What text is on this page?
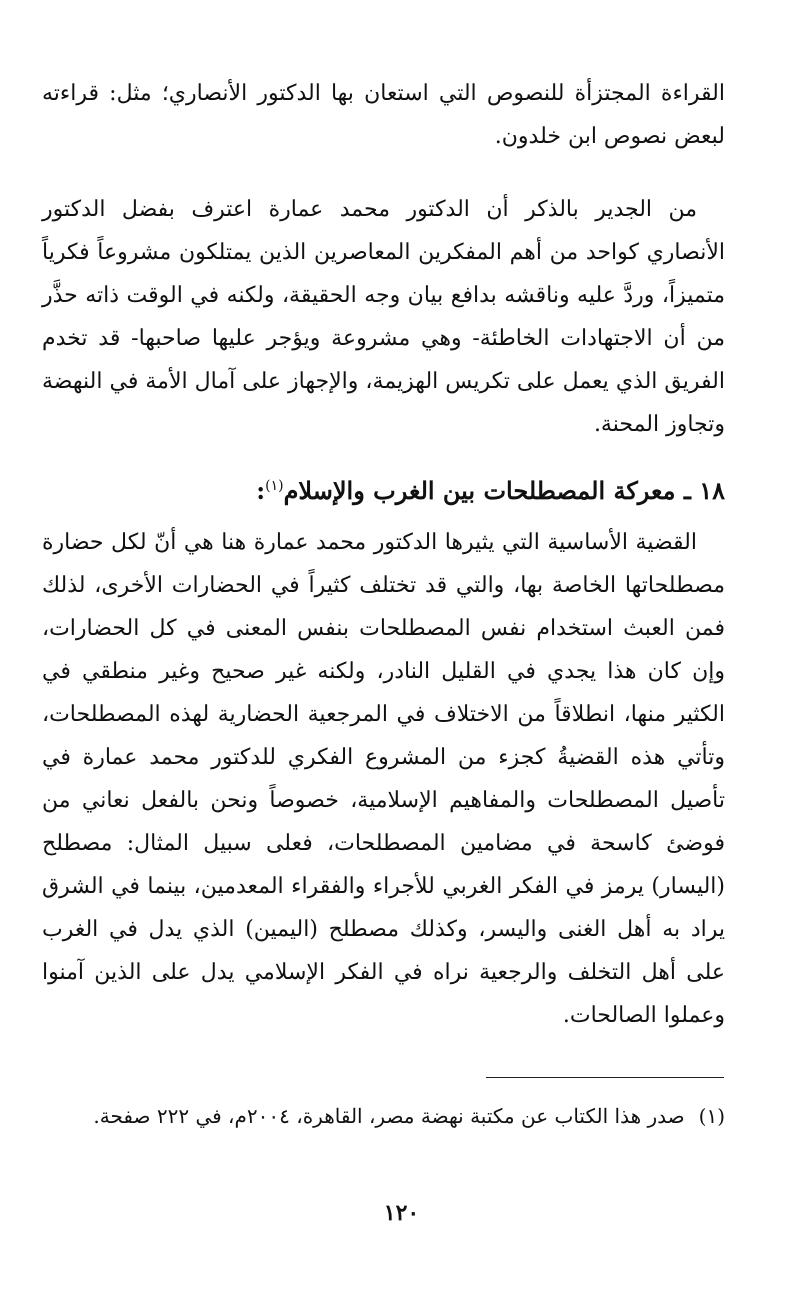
القراءة المجتزأة للنصوص التي استعان بها الدكتور الأنصاري؛ مثل: قراءته لبعض نصوص ابن خلدون.

من الجدير بالذكر أن الدكتور محمد عمارة اعترف بفضل الدكتور الأنصاري كواحد من أهم المفكرين المعاصرين الذين يمتلكون مشروعاً فكرياً متميزاً، وردَّ عليه وناقشه بدافع بيان وجه الحقيقة، ولكنه في الوقت ذاته حذَّر من أن الاجتهادات الخاطئة- وهي مشروعة ويؤجر عليها صاحبها- قد تخدم الفريق الذي يعمل على تكريس الهزيمة، والإجهاز على آمال الأمة في النهضة وتجاوز المحنة.

١٨ ـ معركة المصطلحات بين الغرب والإسلام$^{(١)}$:

القضية الأساسية التي يثيرها الدكتور محمد عمارة هنا هي أنّ لكل حضارة مصطلحاتها الخاصة بها، والتي قد تختلف كثيراً في الحضارات الأخرى، لذلك فمن العبث استخدام نفس المصطلحات بنفس المعنى في كل الحضارات، وإن كان هذا يجدي في القليل النادر، ولكنه غير صحيح وغير منطقي في الكثير منها، انطلاقاً من الاختلاف في المرجعية الحضارية لهذه المصطلحات، وتأتي هذه القضيةُ كجزء من المشروع الفكري للدكتور محمد عمارة في تأصيل المصطلحات والمفاهيم الإسلامية، خصوصاً ونحن بالفعل نعاني من فوضئ كاسحة في مضامين المصطلحات، فعلى سبيل المثال: مصطلح (اليسار) يرمز في الفكر الغربي للأجراء والفقراء المعدمين، بينما في الشرق يراد به أهل الغنى واليسر، وكذلك مصطلح (اليمين) الذي يدل في الغرب على أهل التخلف والرجعية نراه في الفكر الإسلامي يدل على الذين آمنوا وعملوا الصالحات.

(١)صدر هذا الكتاب عن مكتبة نهضة مصر، القاهرة، ٢٠٠٤م، في ٢٢٢ صفحة.
١٢٠
